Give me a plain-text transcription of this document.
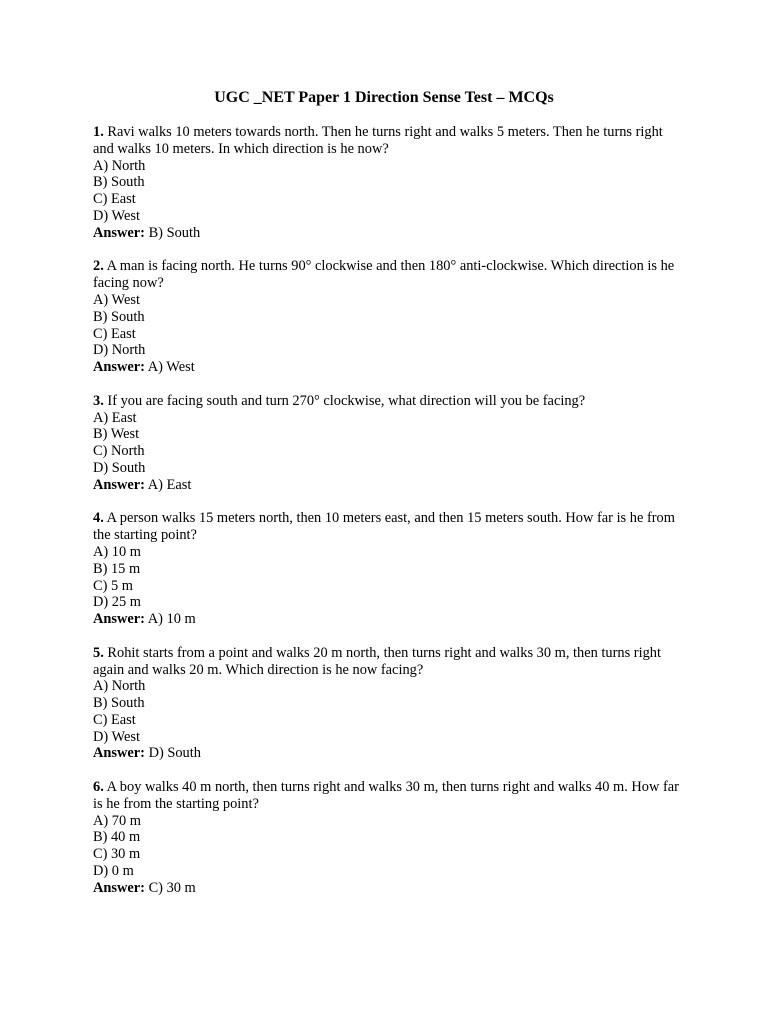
UGC _NET Paper 1 Direction Sense Test – MCQs

1. Ravi walks 10 meters towards north. Then he turns right and walks 5 meters. Then he turns right and walks 10 meters. In which direction is he now?

A) North

B) South

C) East

D) West

Answer: B) South

2. A man is facing north. He turns 90° clockwise and then 180° anti-clockwise. Which direction is he facing now?

A) West

B) South

C) East

D) North

Answer: A) West

3. If you are facing south and turn 270° clockwise, what direction will you be facing?

A) East

B) West

C) North

D) South

Answer: A) East

4. A person walks 15 meters north, then 10 meters east, and then 15 meters south. How far is he from the starting point?

A) 10 m

B) 15 m

C) 5 m

D) 25 m

Answer: A) 10 m

5. Rohit starts from a point and walks 20 m north, then turns right and walks 30 m, then turns right again and walks 20 m. Which direction is he now facing?

A) North

B) South

C) East

D) West

Answer: D) South

6. A boy walks 40 m north, then turns right and walks 30 m, then turns right and walks 40 m. How far is he from the starting point?

A) 70 m

B) 40 m

C) 30 m

D) 0 m

Answer: C) 30 m
